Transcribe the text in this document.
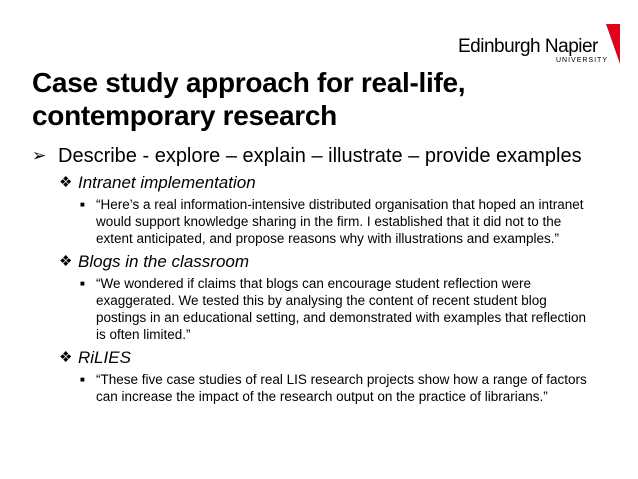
Edinburgh Napier
UNIVERSITY
Case study approach for real-life,
contemporary research
➢ Describe - explore – explain – illustrate – provide examples
❖ Intranet implementation
■ “Here’s a real information-intensive distributed organisation that hoped an intranet would support knowledge sharing in the firm. I established that it did not to the extent anticipated, and propose reasons why with illustrations and examples.”
❖ Blogs in the classroom
■ “We wondered if claims that blogs can encourage student reflection were exaggerated. We tested this by analysing the content of recent student blog postings in an educational setting, and demonstrated with examples that reflection is often limited.”
❖ RiLIES
■ “These five case studies of real LIS research projects show how a range of factors can increase the impact of the research output on the practice of librarians.”
